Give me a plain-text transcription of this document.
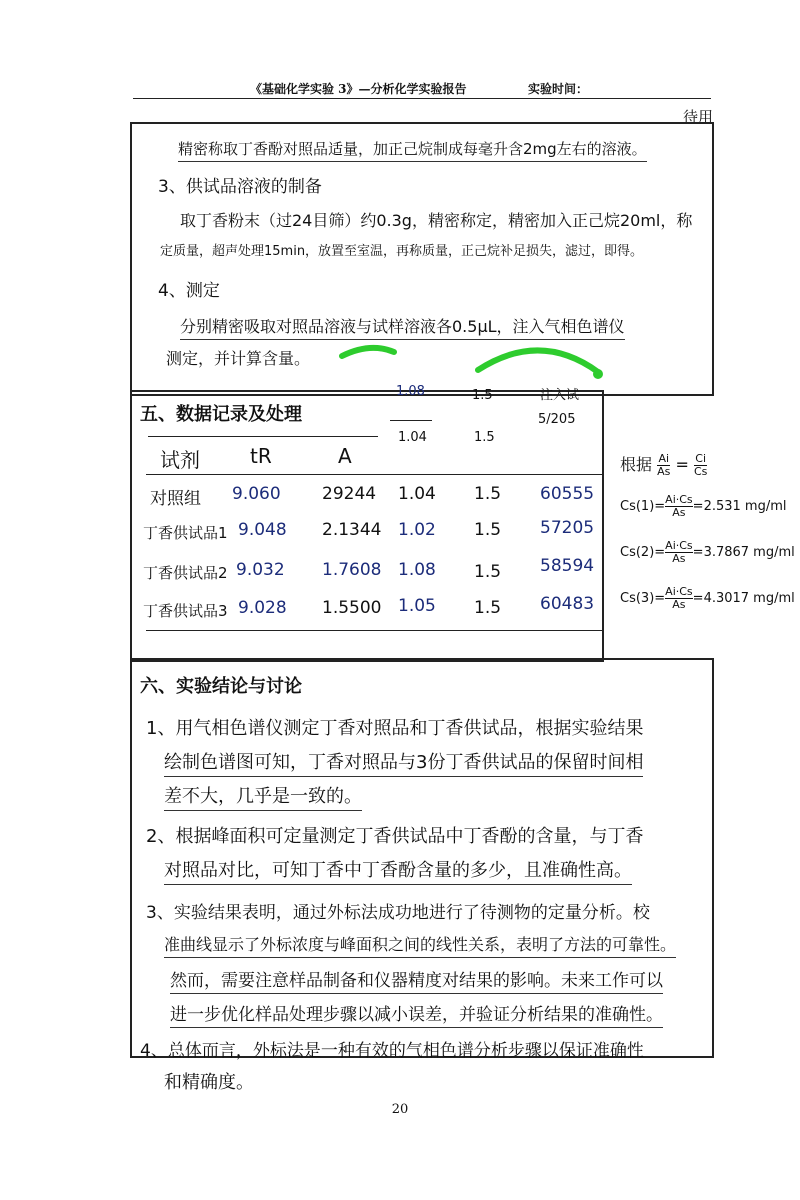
《基础化学实验 3》—分析化学实验报告	实验时间：
待用
精密称取丁香酚对照品适量，加正己烷制成每毫升含2mg左右的溶液。
3、供试品溶液的制备
取丁香粉末（过24目筛）约0.3g，精密称定，精密加入正己烷20ml，称
定质量，超声处理15min，放置至室温，再称质量，正己烷补足损失，滤过，即得。
4、测定
分别精密吸取对照品溶液与试样溶液各0.5μL，注入气相色谱仪
测定，并计算含量。
五、数据记录及处理
1.08	1.5	注入试
5/205
1.04	1.5
试剂	tR	A
对照组 9.060 29244 1.04 1.5 60555
丁香供试品1 9.048 2.1344 1.02 1.5 57205
丁香供试品2 9.032 1.7608 1.08 1.5 58594
丁香供试品3 9.028 1.5500 1.05 1.5 60483
根据 $\frac{Ai}{As} = \frac{Ci}{Cs}$
$Cs(1)= \frac{Ai\cdot Cs}{As} =2.531$ mg/ml
$Cs(2)= \frac{Ai\cdot Cs}{As} =3.7867$ mg/ml
$Cs(3)= \frac{Ai\cdot Cs}{As} =4.3017$ mg/ml
六、实验结论与讨论
1、用气相色谱仪测定丁香对照品和丁香供试品，根据实验结果
绘制色谱图可知，丁香对照品与3份丁香供试品的保留时间相
差不大，几乎是一致的。
2、根据峰面积可定量测定丁香供试品中丁香酚的含量，与丁香
对照品对比，可知丁香中丁香酚含量的多少，且准确性高。
3、实验结果表明，通过外标法成功地进行了待测物的定量分析。校
准曲线显示了外标浓度与峰面积之间的线性关系，表明了方法的可靠性。
然而，需要注意样品制备和仪器精度对结果的影响。未来工作可以
进一步优化样品处理步骤以减小误差，并验证分析结果的准确性。
4、总体而言，外标法是一种有效的气相色谱分析步骤以保证准确性
和精确度。
20
